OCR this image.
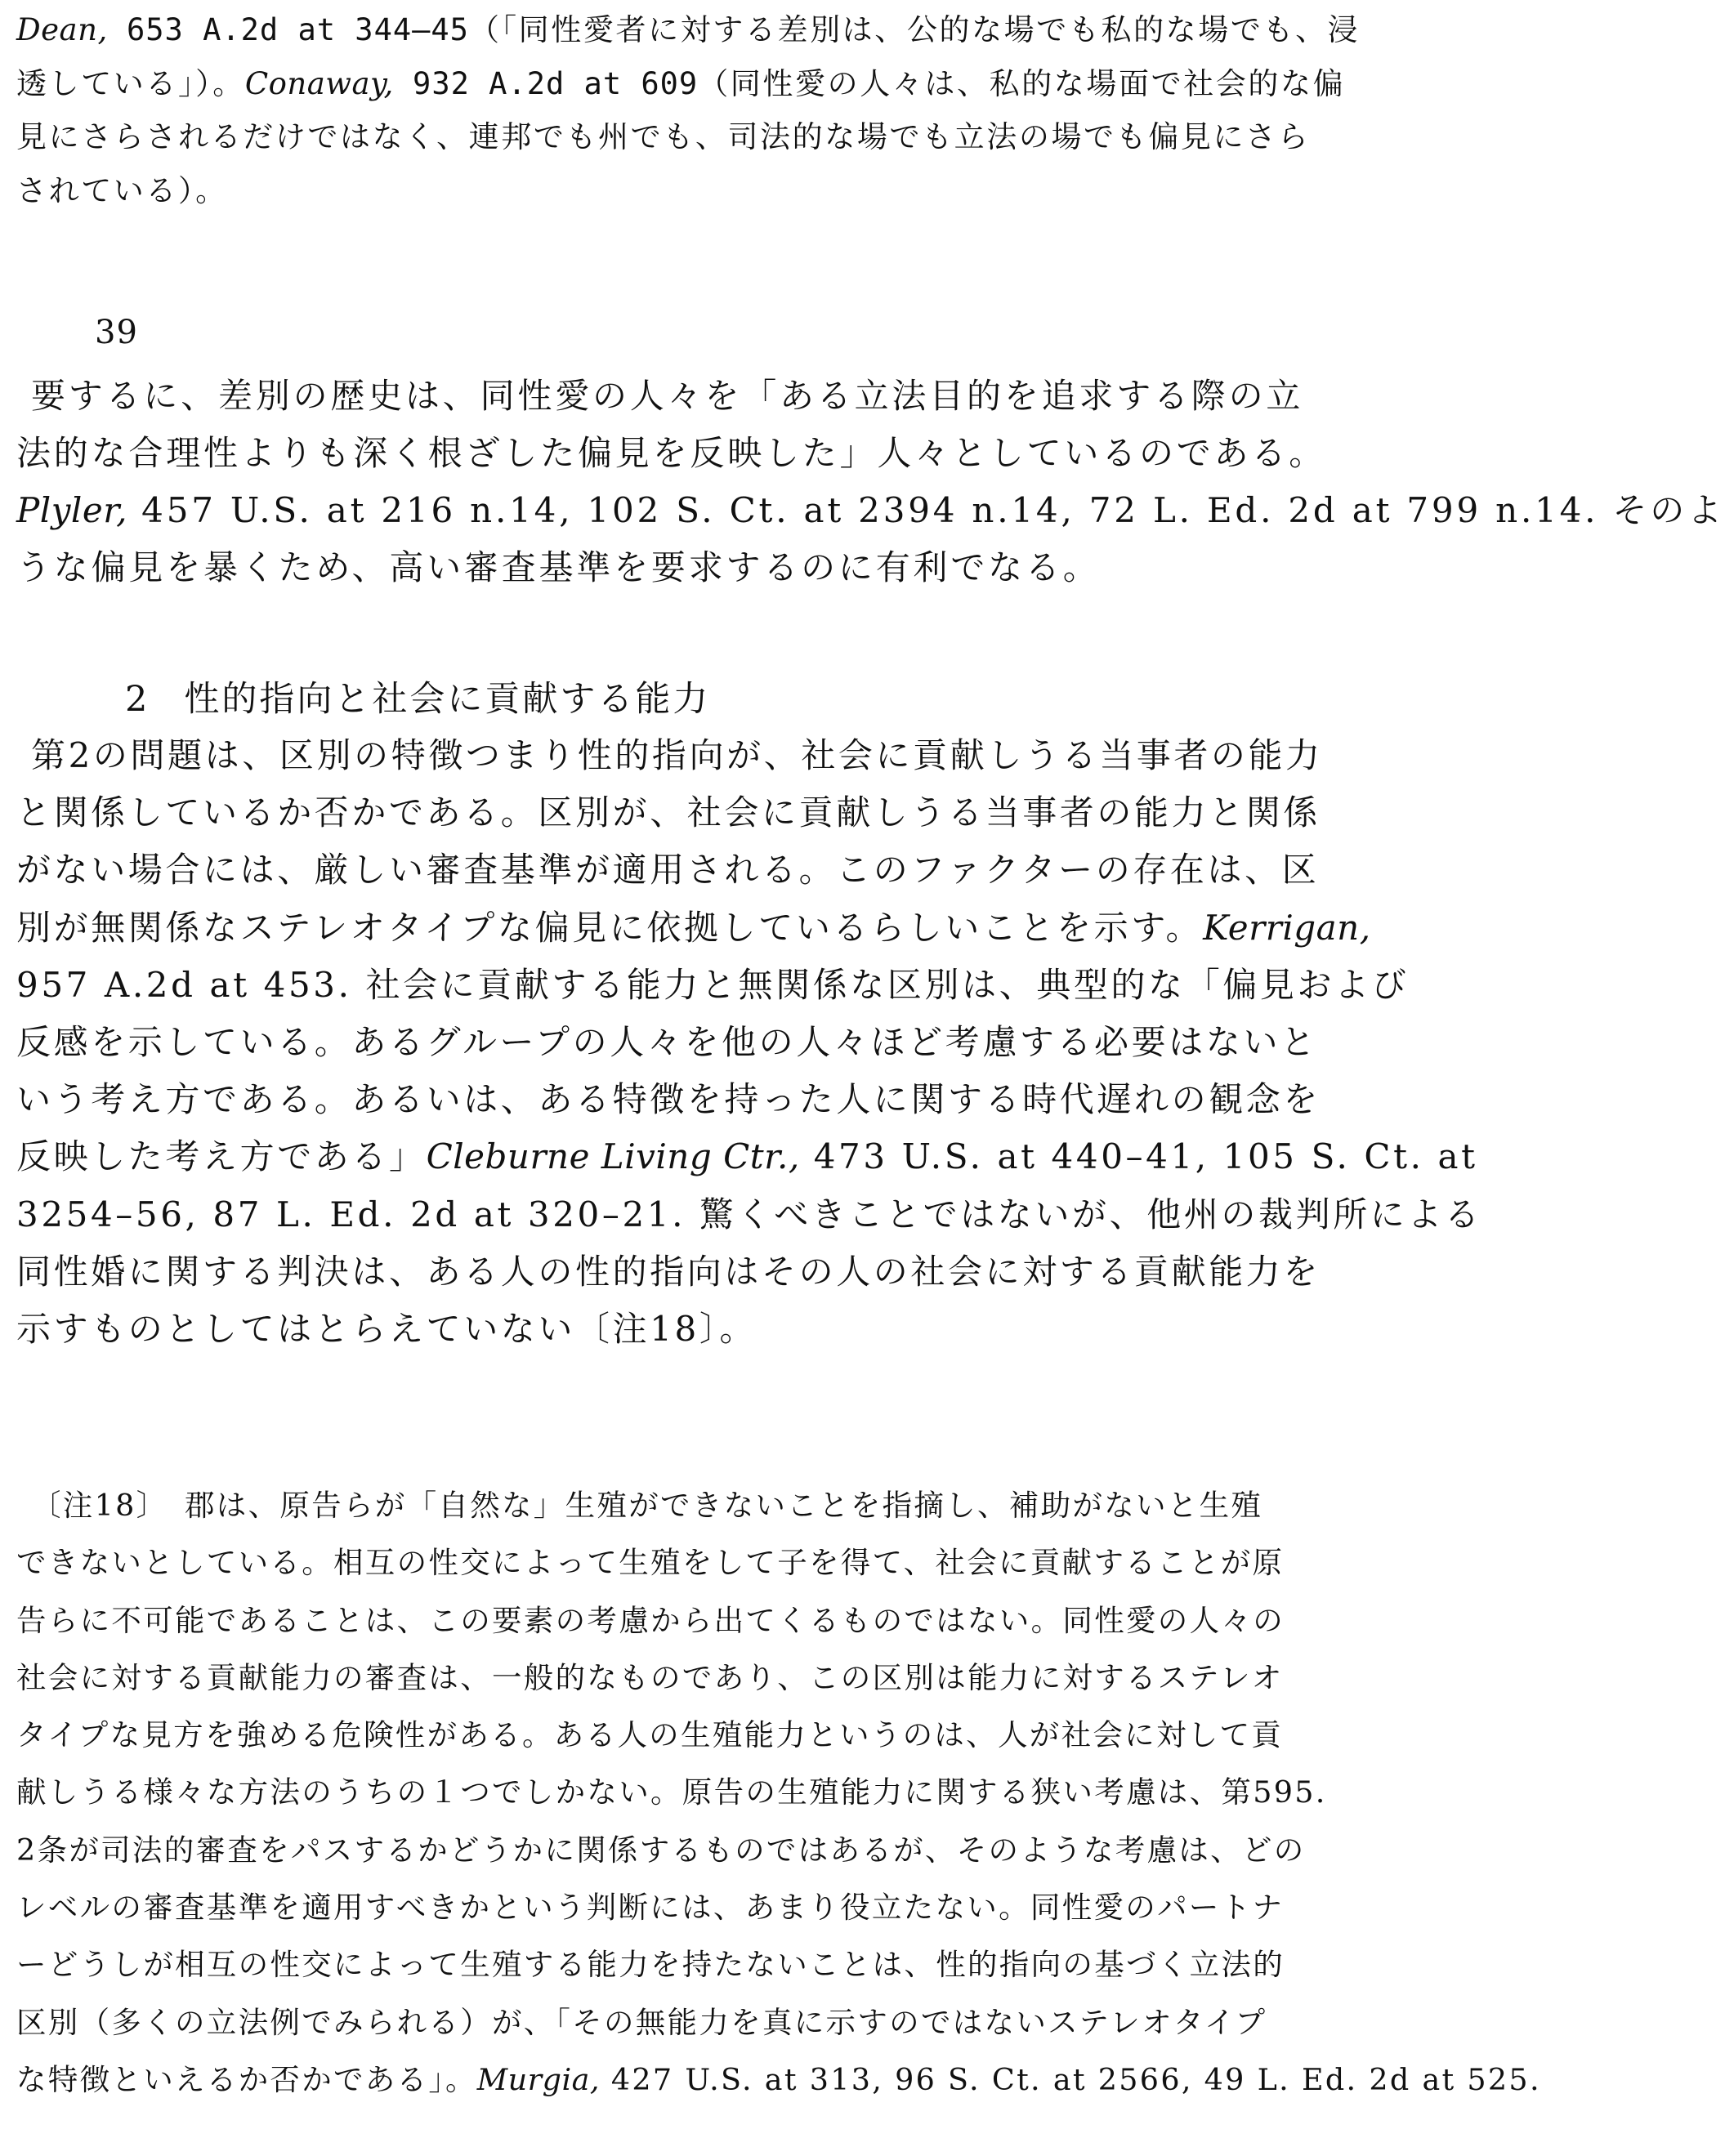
Dean, 653 A.2d at 344–45（「同性愛者に対する差別は、公的な場でも私的な場でも、浸
透している」）。Conaway, 932 A.2d at 609（同性愛の人々は、私的な場面で社会的な偏
見にさらされるだけではなく、連邦でも州でも、司法的な場でも立法の場でも偏見にさら
されている）。
39
要するに、差別の歴史は、同性愛の人々を「ある立法目的を追求する際の立
法的な合理性よりも深く根ざした偏見を反映した」人々としているのである。
Plyler, 457 U.S. at 216 n.14, 102 S. Ct. at 2394 n.14, 72 L. Ed. 2d at 799 n.14. そのよ
うな偏見を暴くため、高い審査基準を要求するのに有利でなる。
2 性的指向と社会に貢献する能力
第2の問題は、区別の特徴つまり性的指向が、社会に貢献しうる当事者の能力
と関係しているか否かである。区別が、社会に貢献しうる当事者の能力と関係
がない場合には、厳しい審査基準が適用される。このファクターの存在は、区
別が無関係なステレオタイプな偏見に依拠しているらしいことを示す。Kerrigan,
957 A.2d at 453. 社会に貢献する能力と無関係な区別は、典型的な「偏見および
反感を示している。あるグループの人々を他の人々ほど考慮する必要はないと
いう考え方である。あるいは、ある特徴を持った人に関する時代遅れの観念を
反映した考え方である」Cleburne Living Ctr., 473 U.S. at 440–41, 105 S. Ct. at
3254–56, 87 L. Ed. 2d at 320–21. 驚くべきことではないが、他州の裁判所による
同性婚に関する判決は、ある人の性的指向はその人の社会に対する貢献能力を
示すものとしてはとらえていない〔注18〕。
〔注18〕　郡は、原告らが「自然な」生殖ができないことを指摘し、補助がないと生殖
できないとしている。相互の性交によって生殖をして子を得て、社会に貢献することが原
告らに不可能であることは、この要素の考慮から出てくるものではない。同性愛の人々の
社会に対する貢献能力の審査は、一般的なものであり、この区別は能力に対するステレオ
タイプな見方を強める危険性がある。ある人の生殖能力というのは、人が社会に対して貢
献しうる様々な方法のうちの１つでしかない。原告の生殖能力に関する狭い考慮は、第595.
2条が司法的審査をパスするかどうかに関係するものではあるが、そのような考慮は、どの
レベルの審査基準を適用すべきかという判断には、あまり役立たない。同性愛のパートナ
ーどうしが相互の性交によって生殖する能力を持たないことは、性的指向の基づく立法的
区別（多くの立法例でみられる）が、「その無能力を真に示すのではないステレオタイプ
な特徴といえるか否かである」。Murgia, 427 U.S. at 313, 96 S. Ct. at 2566, 49 L. Ed. 2d at 525.
